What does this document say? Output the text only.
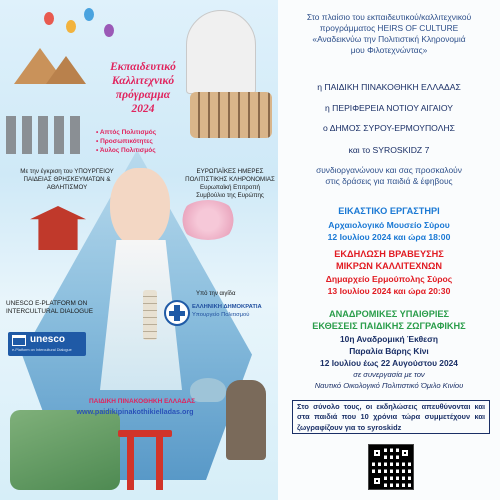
Εκπαιδευτικό
Καλλιτεχνικό
πρόγραμμα
2024
• Απτός Πολιτισμός
• Προσωπικότητες
• Άυλος Πολιτισμός
Με την έγκριση του ΥΠΟΥΡΓΕΙΟΥ ΠΑΙΔΕΙΑΣ ΘΡΗΣΚΕΥΜΑΤΩΝ & ΑΘΛΗΤΙΣΜΟΥ
ΕΥΡΩΠΑΪΚΕΣ ΗΜΕΡΕΣ
ΠΟΛΙΤΙΣΤΙΚΗΣ ΚΛΗΡΟΝΟΜΙΑΣ
Ευρωπαϊκή Επιτροπή
Συμβούλιο της Ευρώπης
UNESCO E-PLATFORM ON INTERCULTURAL DIALOGUE
unesco
e-Platform on Intercultural Dialogue
Υπό την αιγίδα
ΕΛΛΗΝΙΚΗ ΔΗΜΟΚΡΑΤΙΑ
Υπουργείο Πολιτισμού
ΠΑΙΔΙΚΗ ΠΙΝΑΚΟΘΗΚΗ ΕΛΛΑΔΑΣ
www.paidikipinakothikielladas.org
Στο πλαίσιο του εκπαιδευτικού/καλλιτεχνικού
προγράμματος HEIRS OF CULTURE
«Αναδεικνύω την Πολιτιστική Κληρονομιά
μου Φιλοτεχνώντας»
η ΠΑΙΔΙΚΗ ΠΙΝΑΚΟΘΗΚΗ ΕΛΛΑΔΑΣ
η ΠΕΡΙΦΕΡΕΙΑ ΝΟΤΙΟΥ ΑΙΓΑΙΟΥ
ο ΔΗΜΟΣ ΣΥΡΟΥ-ΕΡΜΟΥΠΟΛΗΣ
και το SYROSKIDZ 7
συνδιοργανώνουν και σας προσκαλούν
στις δράσεις για παιδιά & έφηβους
ΕΙΚΑΣΤΙΚΟ ΕΡΓΑΣΤΗΡΙ
Αρχαιολογικό Μουσείο Σύρου
12 Ιουλίου 2024 και ώρα 18:00
ΕΚΔΗΛΩΣΗ ΒΡΑΒΕΥΣΗΣ
ΜΙΚΡΩΝ ΚΑΛΛΙΤΕΧΝΩΝ
Δημαρχείο Ερμούπολης Σύρος
13 Ιουλίου 2024 και ώρα 20:30
ΑΝΑΔΡΟΜΙΚΕΣ ΥΠΑΙΘΡΙΕΣ
ΕΚΘΕΣΕΙΣ ΠΑΙΔΙΚΗΣ ΖΩΓΡΑΦΙΚΗΣ
10η Αναδρομική Έκθεση
Παραλία Βάρης Κίνι
12 Ιουλίου έως 22 Αυγούστου 2024
σε συνεργασία με τον
Ναυτικό Οικολογικό Πολιτιστικό Όμιλο Κινίου
Στο σύνολο τους, οι εκδηλώσεις απευθύνονται και στα παιδιά που 10 χρόνια τώρα συμμετέχουν και ζωγραφίζουν για το syroskidz
